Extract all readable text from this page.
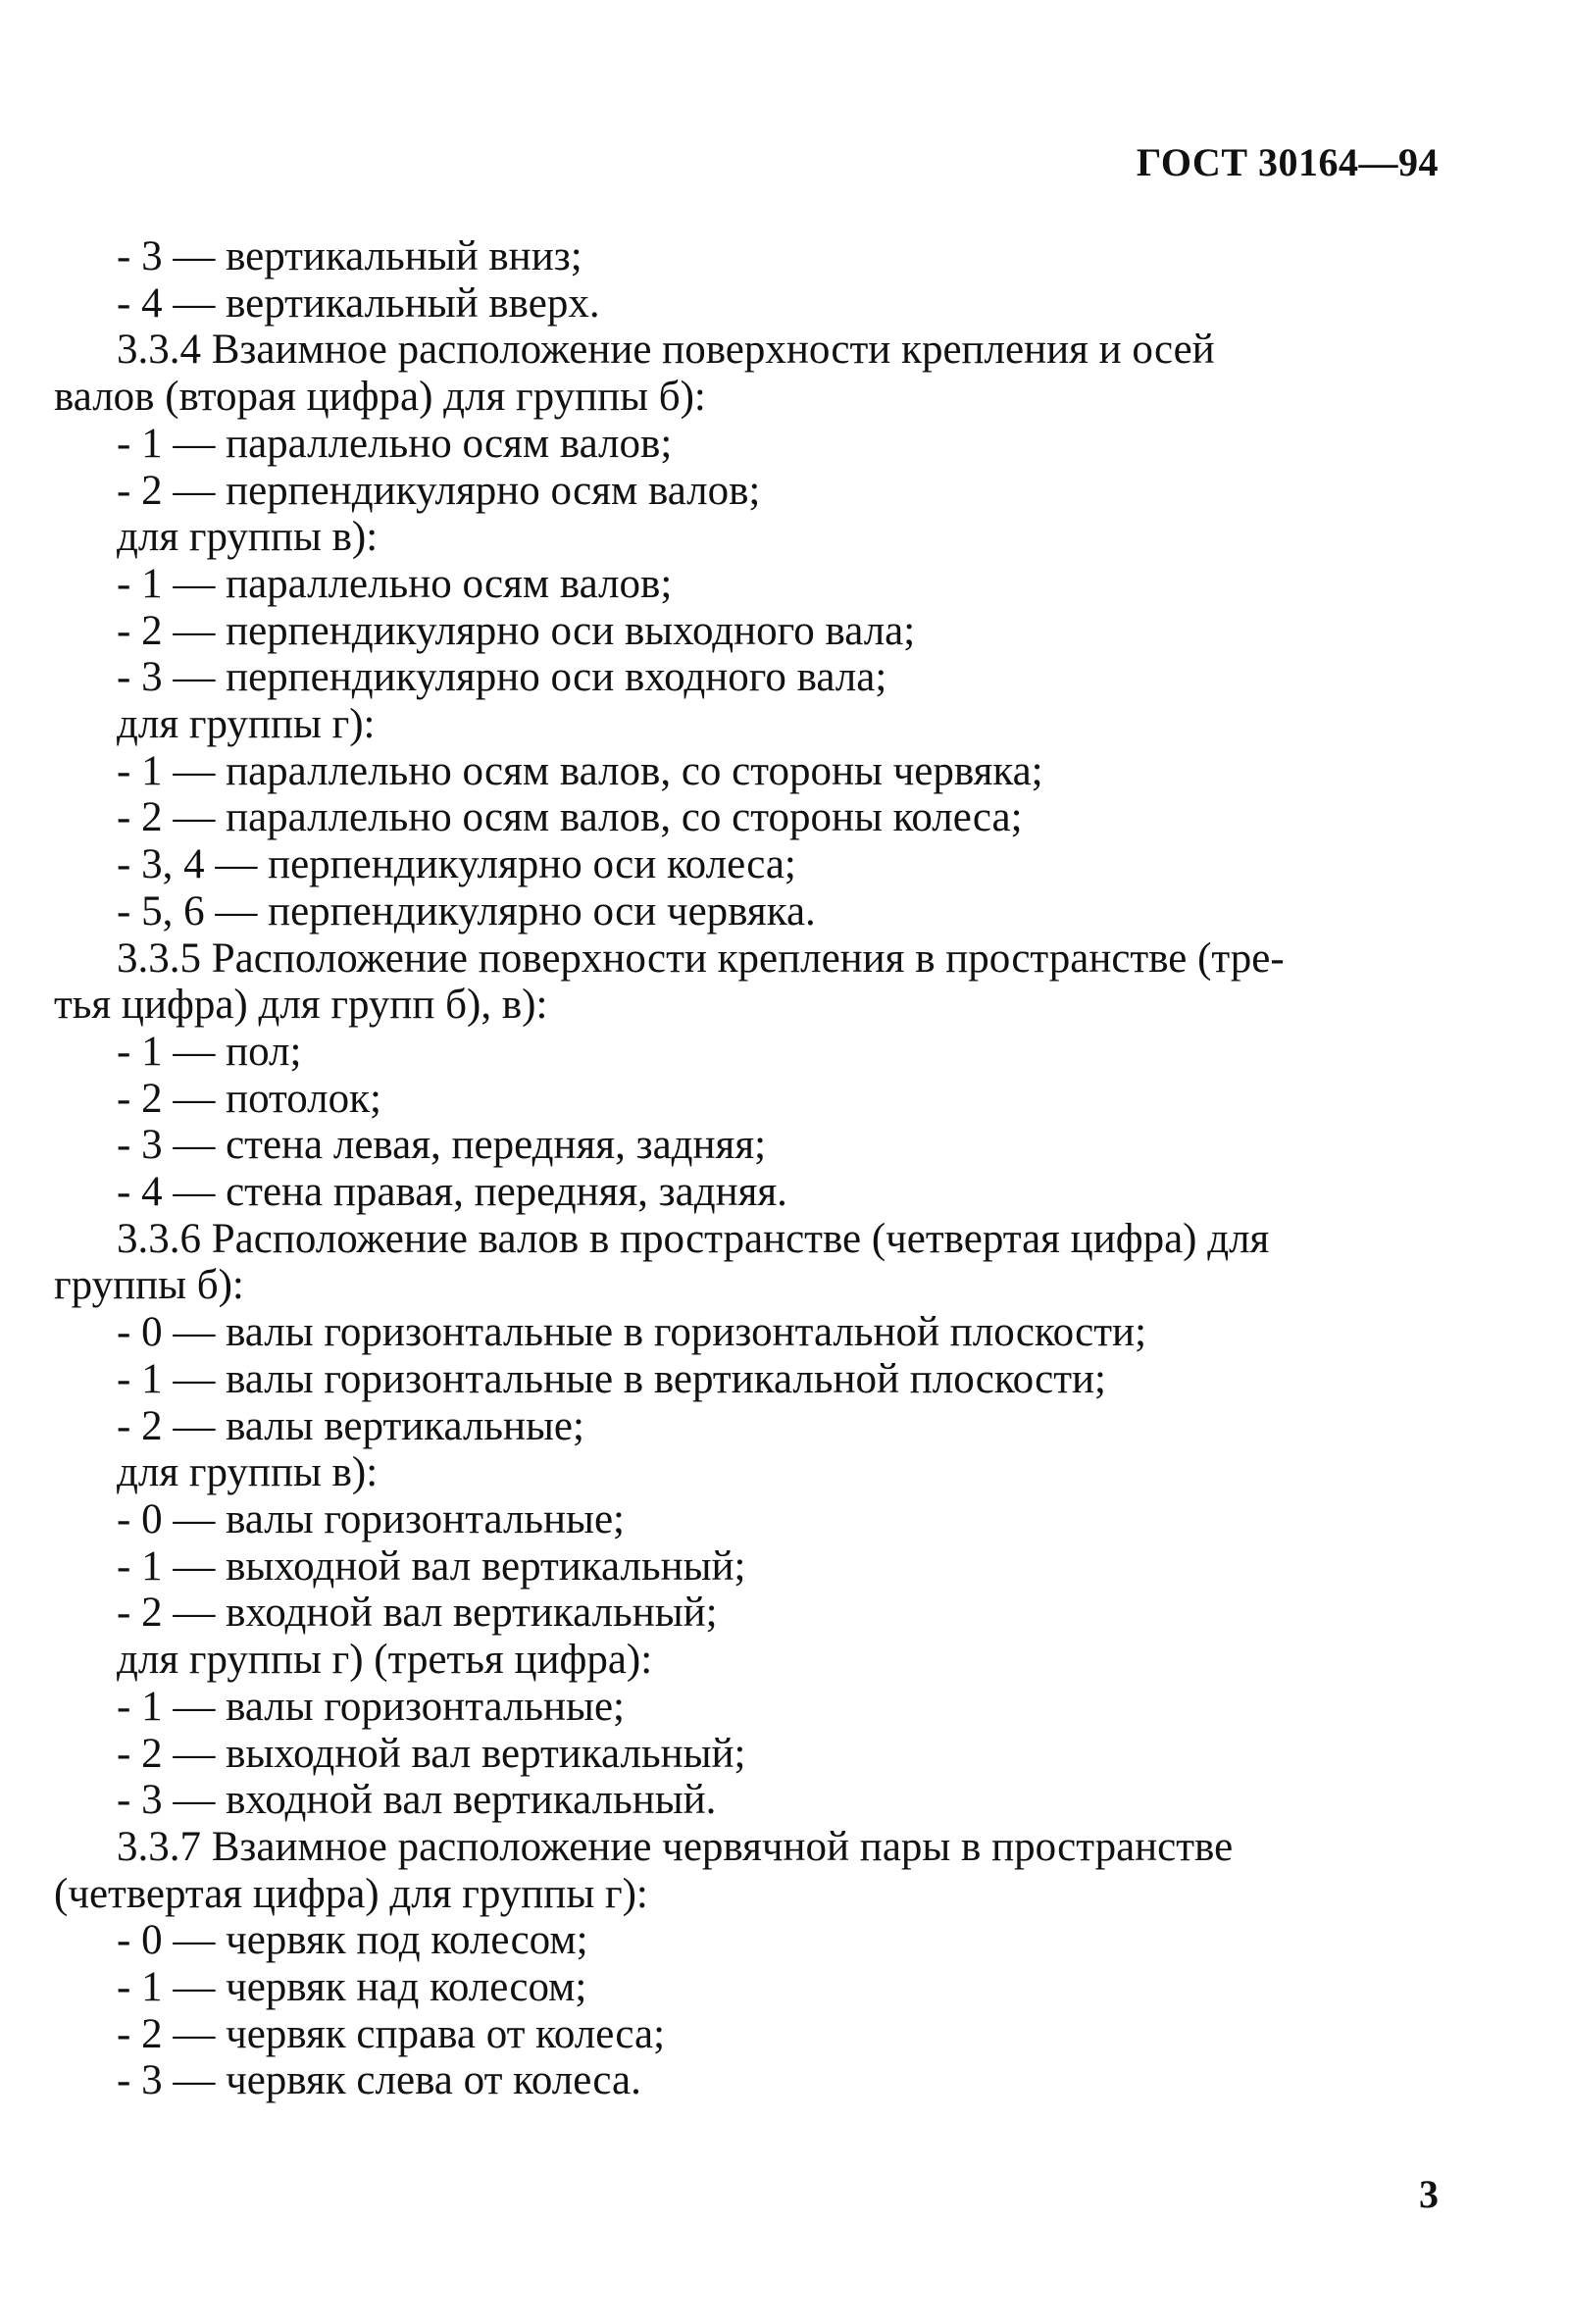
ГОСТ 30164—94
- 3 — вертикальный вниз;
- 4 — вертикальный вверх.
3.3.4 Взаимное расположение поверхности крепления и осей
валов (вторая цифра) для группы б):
- 1 — параллельно осям валов;
- 2 — перпендикулярно осям валов;
для группы в):
- 1 — параллельно осям валов;
- 2 — перпендикулярно оси выходного вала;
- 3 — перпендикулярно оси входного вала;
для группы г):
- 1 — параллельно осям валов, со стороны червяка;
- 2 — параллельно осям валов, со стороны колеса;
- 3, 4 — перпендикулярно оси колеса;
- 5, 6 — перпендикулярно оси червяка.
3.3.5 Расположение поверхности крепления в пространстве (тре-
тья цифра) для групп б), в):
- 1 — пол;
- 2 — потолок;
- 3 — стена левая, передняя, задняя;
- 4 — стена правая, передняя, задняя.
3.3.6 Расположение валов в пространстве (четвертая цифра) для
группы б):
- 0 — валы горизонтальные в горизонтальной плоскости;
- 1 — валы горизонтальные в вертикальной плоскости;
- 2 — валы вертикальные;
для группы в):
- 0 — валы горизонтальные;
- 1 — выходной вал вертикальный;
- 2 — входной вал вертикальный;
для группы г) (третья цифра):
- 1 — валы горизонтальные;
- 2 — выходной вал вертикальный;
- 3 — входной вал вертикальный.
3.3.7 Взаимное расположение червячной пары в пространстве
(четвертая цифра) для группы г):
- 0 — червяк под колесом;
- 1 — червяк над колесом;
- 2 — червяк справа от колеса;
- 3 — червяк слева от колеса.
3
